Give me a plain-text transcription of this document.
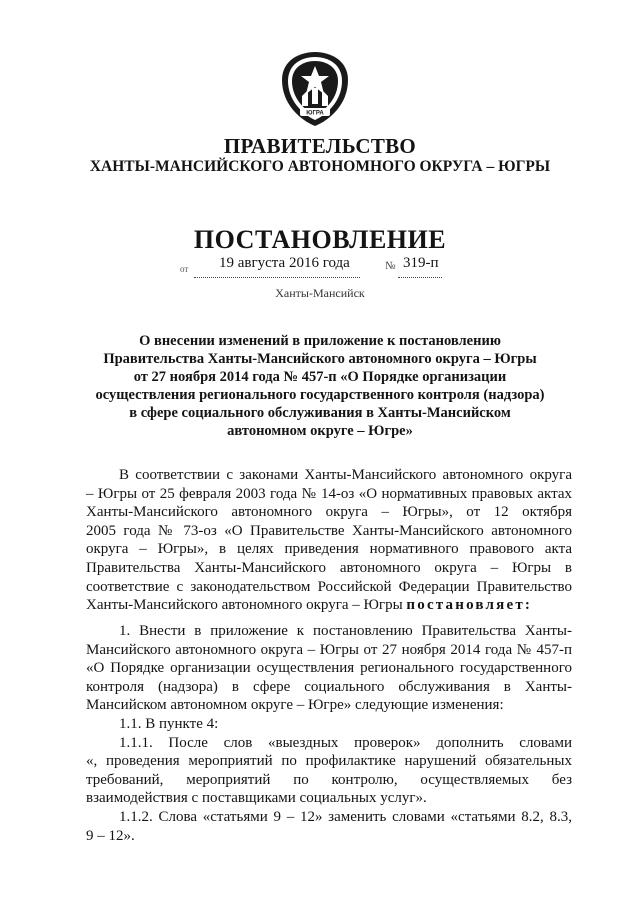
ЮГРА
ПРАВИТЕЛЬСТВО
ХАНТЫ-МАНСИЙСКОГО АВТОНОМНОГО ОКРУГА – ЮГРЫ
ПОСТАНОВЛЕНИЕ
от 19 августа 2016 года	№ 319-п
Ханты-Мансийск
О внесении изменений в приложение к постановлению
Правительства Ханты-Мансийского автономного округа – Югры
от 27 ноября 2014 года № 457-п «О Порядке организации
осуществления регионального государственного контроля (надзора)
в сфере социального обслуживания в Ханты-Мансийском
автономном округе – Югре»
В соответствии с законами Ханты-Мансийского автономного округа
– Югры от 25 февраля 2003 года № 14-оз «О нормативных правовых актах
Ханты-Мансийского автономного округа – Югры», от 12 октября
2005 года № 73-оз «О Правительстве Ханты-Мансийского автономного
округа – Югры», в целях приведения нормативного правового акта
Правительства Ханты-Мансийского автономного округа – Югры в
соответствие с законодательством Российской Федерации Правительство
Ханты-Мансийского автономного округа – Югры постановляет:
1. Внести в приложение к постановлению Правительства Ханты-
Мансийского автономного округа – Югры от 27 ноября 2014 года № 457-п
«О Порядке организации осуществления регионального государственного
контроля (надзора) в сфере социального обслуживания в Ханты-
Мансийском автономном округе – Югре» следующие изменения:
1.1. В пункте 4:
1.1.1. После слов «выездных проверок» дополнить словами
«, проведения мероприятий по профилактике нарушений обязательных
требований, мероприятий по контролю, осуществляемых без
взаимодействия с поставщиками социальных услуг».
1.1.2. Слова «статьями 9 – 12» заменить словами «статьями 8.2, 8.3,
9 – 12».
